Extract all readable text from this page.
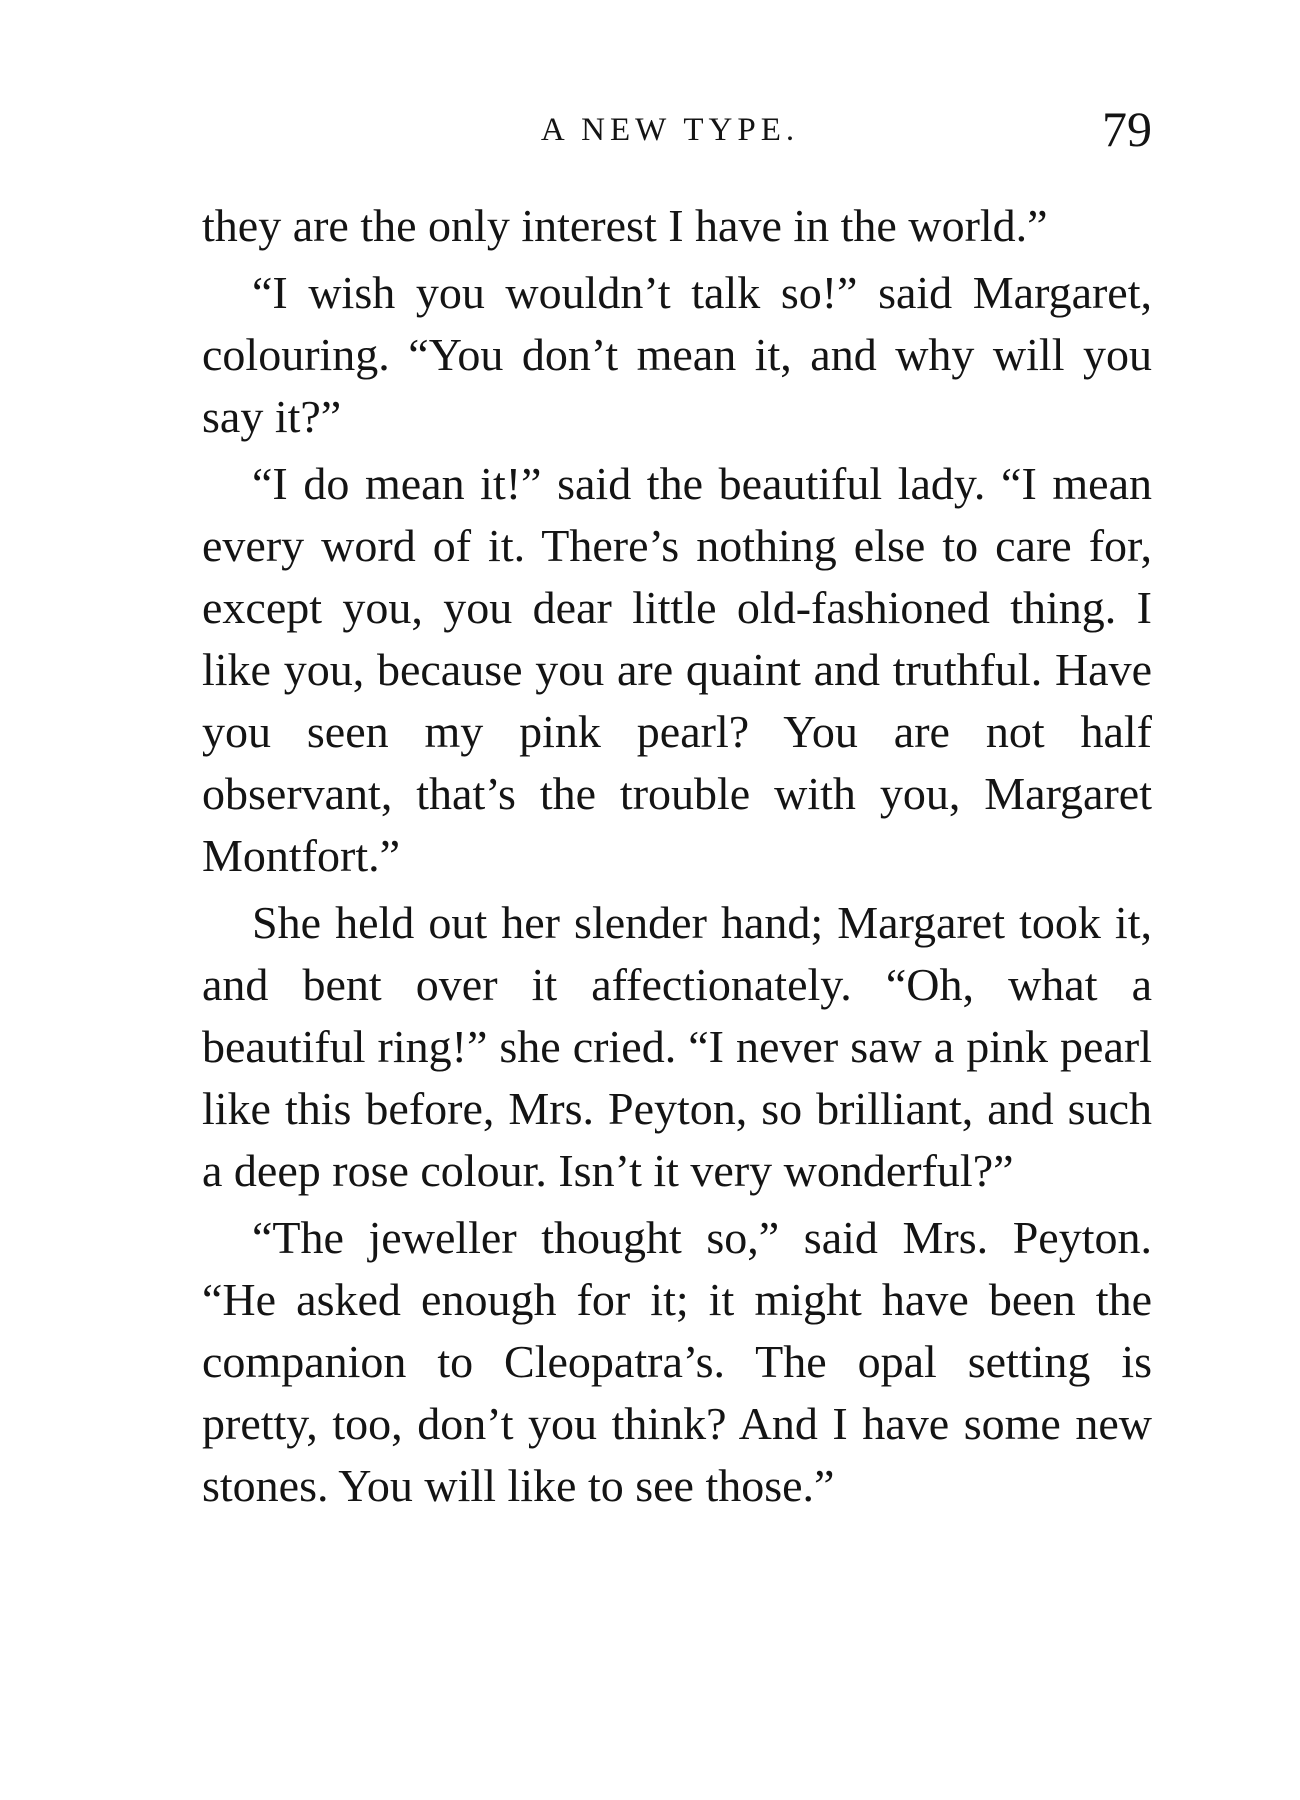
A NEW TYPE.	79

they are the only interest I have in the world.”

“I wish you wouldn’t talk so!” said Margaret, colouring. “You don’t mean it, and why will you say it?”

“I do mean it!” said the beautiful lady. “I mean every word of it. There’s nothing else to care for, except you, you dear little old-fashioned thing. I like you, because you are quaint and truthful. Have you seen my pink pearl? You are not half observant, that’s the trouble with you, Margaret Montfort.”

She held out her slender hand; Margaret took it, and bent over it affectionately. “Oh, what a beautiful ring!” she cried. “I never saw a pink pearl like this before, Mrs. Peyton, so brilliant, and such a deep rose colour. Isn’t it very wonderful?”

“The jeweller thought so,” said Mrs. Peyton. “He asked enough for it; it might have been the companion to Cleopatra’s. The opal setting is pretty, too, don’t you think? And I have some new stones. You will like to see those.”
